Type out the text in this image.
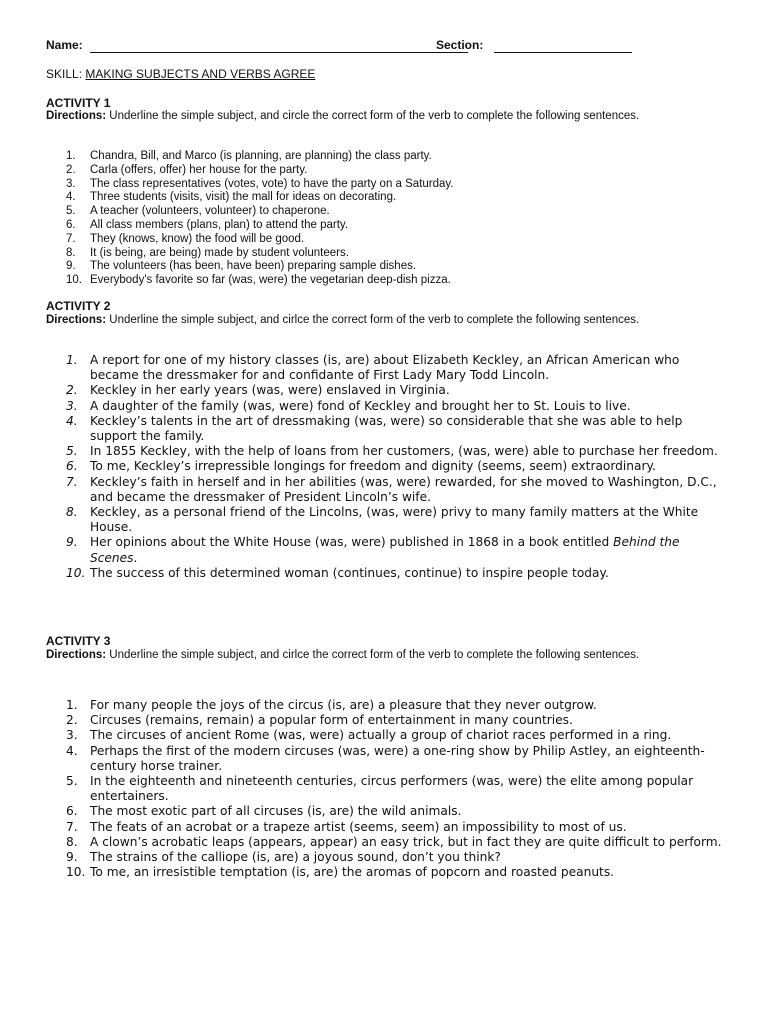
Name:	Section:
SKILL: MAKING SUBJECTS AND VERBS AGREE
ACTIVITY 1
Directions: Underline the simple subject, and circle the correct form of the verb to complete the following sentences.
1.	Chandra, Bill, and Marco (is planning, are planning) the class party.
2.	Carla (offers, offer) her house for the party.
3.	The class representatives (votes, vote) to have the party on a Saturday.
4.	Three students (visits, visit) the mall for ideas on decorating.
5.	A teacher (volunteers, volunteer) to chaperone.
6.	All class members (plans, plan) to attend the party.
7.	They (knows, know) the food will be good.
8.	It (is being, are being) made by student volunteers.
9.	The volunteers (has been, have been) preparing sample dishes.
10. Everybody's favorite so far (was, were) the vegetarian deep-dish pizza.
ACTIVITY 2
Directions: Underline the simple subject, and cirlce the correct form of the verb to complete the following sentences.
1.	A report for one of my history classes (is, are) about Elizabeth Keckley, an African American who became the dressmaker for and confidante of First Lady Mary Todd Lincoln.
2.	Keckley in her early years (was, were) enslaved in Virginia.
3.	A daughter of the family (was, were) fond of Keckley and brought her to St. Louis to live.
4.	Keckley’s talents in the art of dressmaking (was, were) so considerable that she was able to help support the family.
5.	In 1855 Keckley, with the help of loans from her customers, (was, were) able to purchase her freedom.
6.	To me, Keckley’s irrepressible longings for freedom and dignity (seems, seem) extraordinary.
7.	Keckley’s faith in herself and in her abilities (was, were) rewarded, for she moved to Washington, D.C., and became the dressmaker of President Lincoln’s wife.
8.	Keckley, as a personal friend of the Lincolns, (was, were) privy to many family matters at the White House.
9.	Her opinions about the White House (was, were) published in 1868 in a book entitled Behind the Scenes.
10. The success of this determined woman (continues, continue) to inspire people today.
ACTIVITY 3
Directions: Underline the simple subject, and cirlce the correct form of the verb to complete the following sentences.
1.	For many people the joys of the circus (is, are) a pleasure that they never outgrow.
2.	Circuses (remains, remain) a popular form of entertainment in many countries.
3.	The circuses of ancient Rome (was, were) actually a group of chariot races performed in a ring.
4.	Perhaps the first of the modern circuses (was, were) a one-ring show by Philip Astley, an eighteenth-century horse trainer.
5.	In the eighteenth and nineteenth centuries, circus performers (was, were) the elite among popular entertainers.
6.	The most exotic part of all circuses (is, are) the wild animals.
7.	The feats of an acrobat or a trapeze artist (seems, seem) an impossibility to most of us.
8.	A clown’s acrobatic leaps (appears, appear) an easy trick, but in fact they are quite difficult to perform.
9.	The strains of the calliope (is, are) a joyous sound, don’t you think?
10. To me, an irresistible temptation (is, are) the aromas of popcorn and roasted peanuts.
